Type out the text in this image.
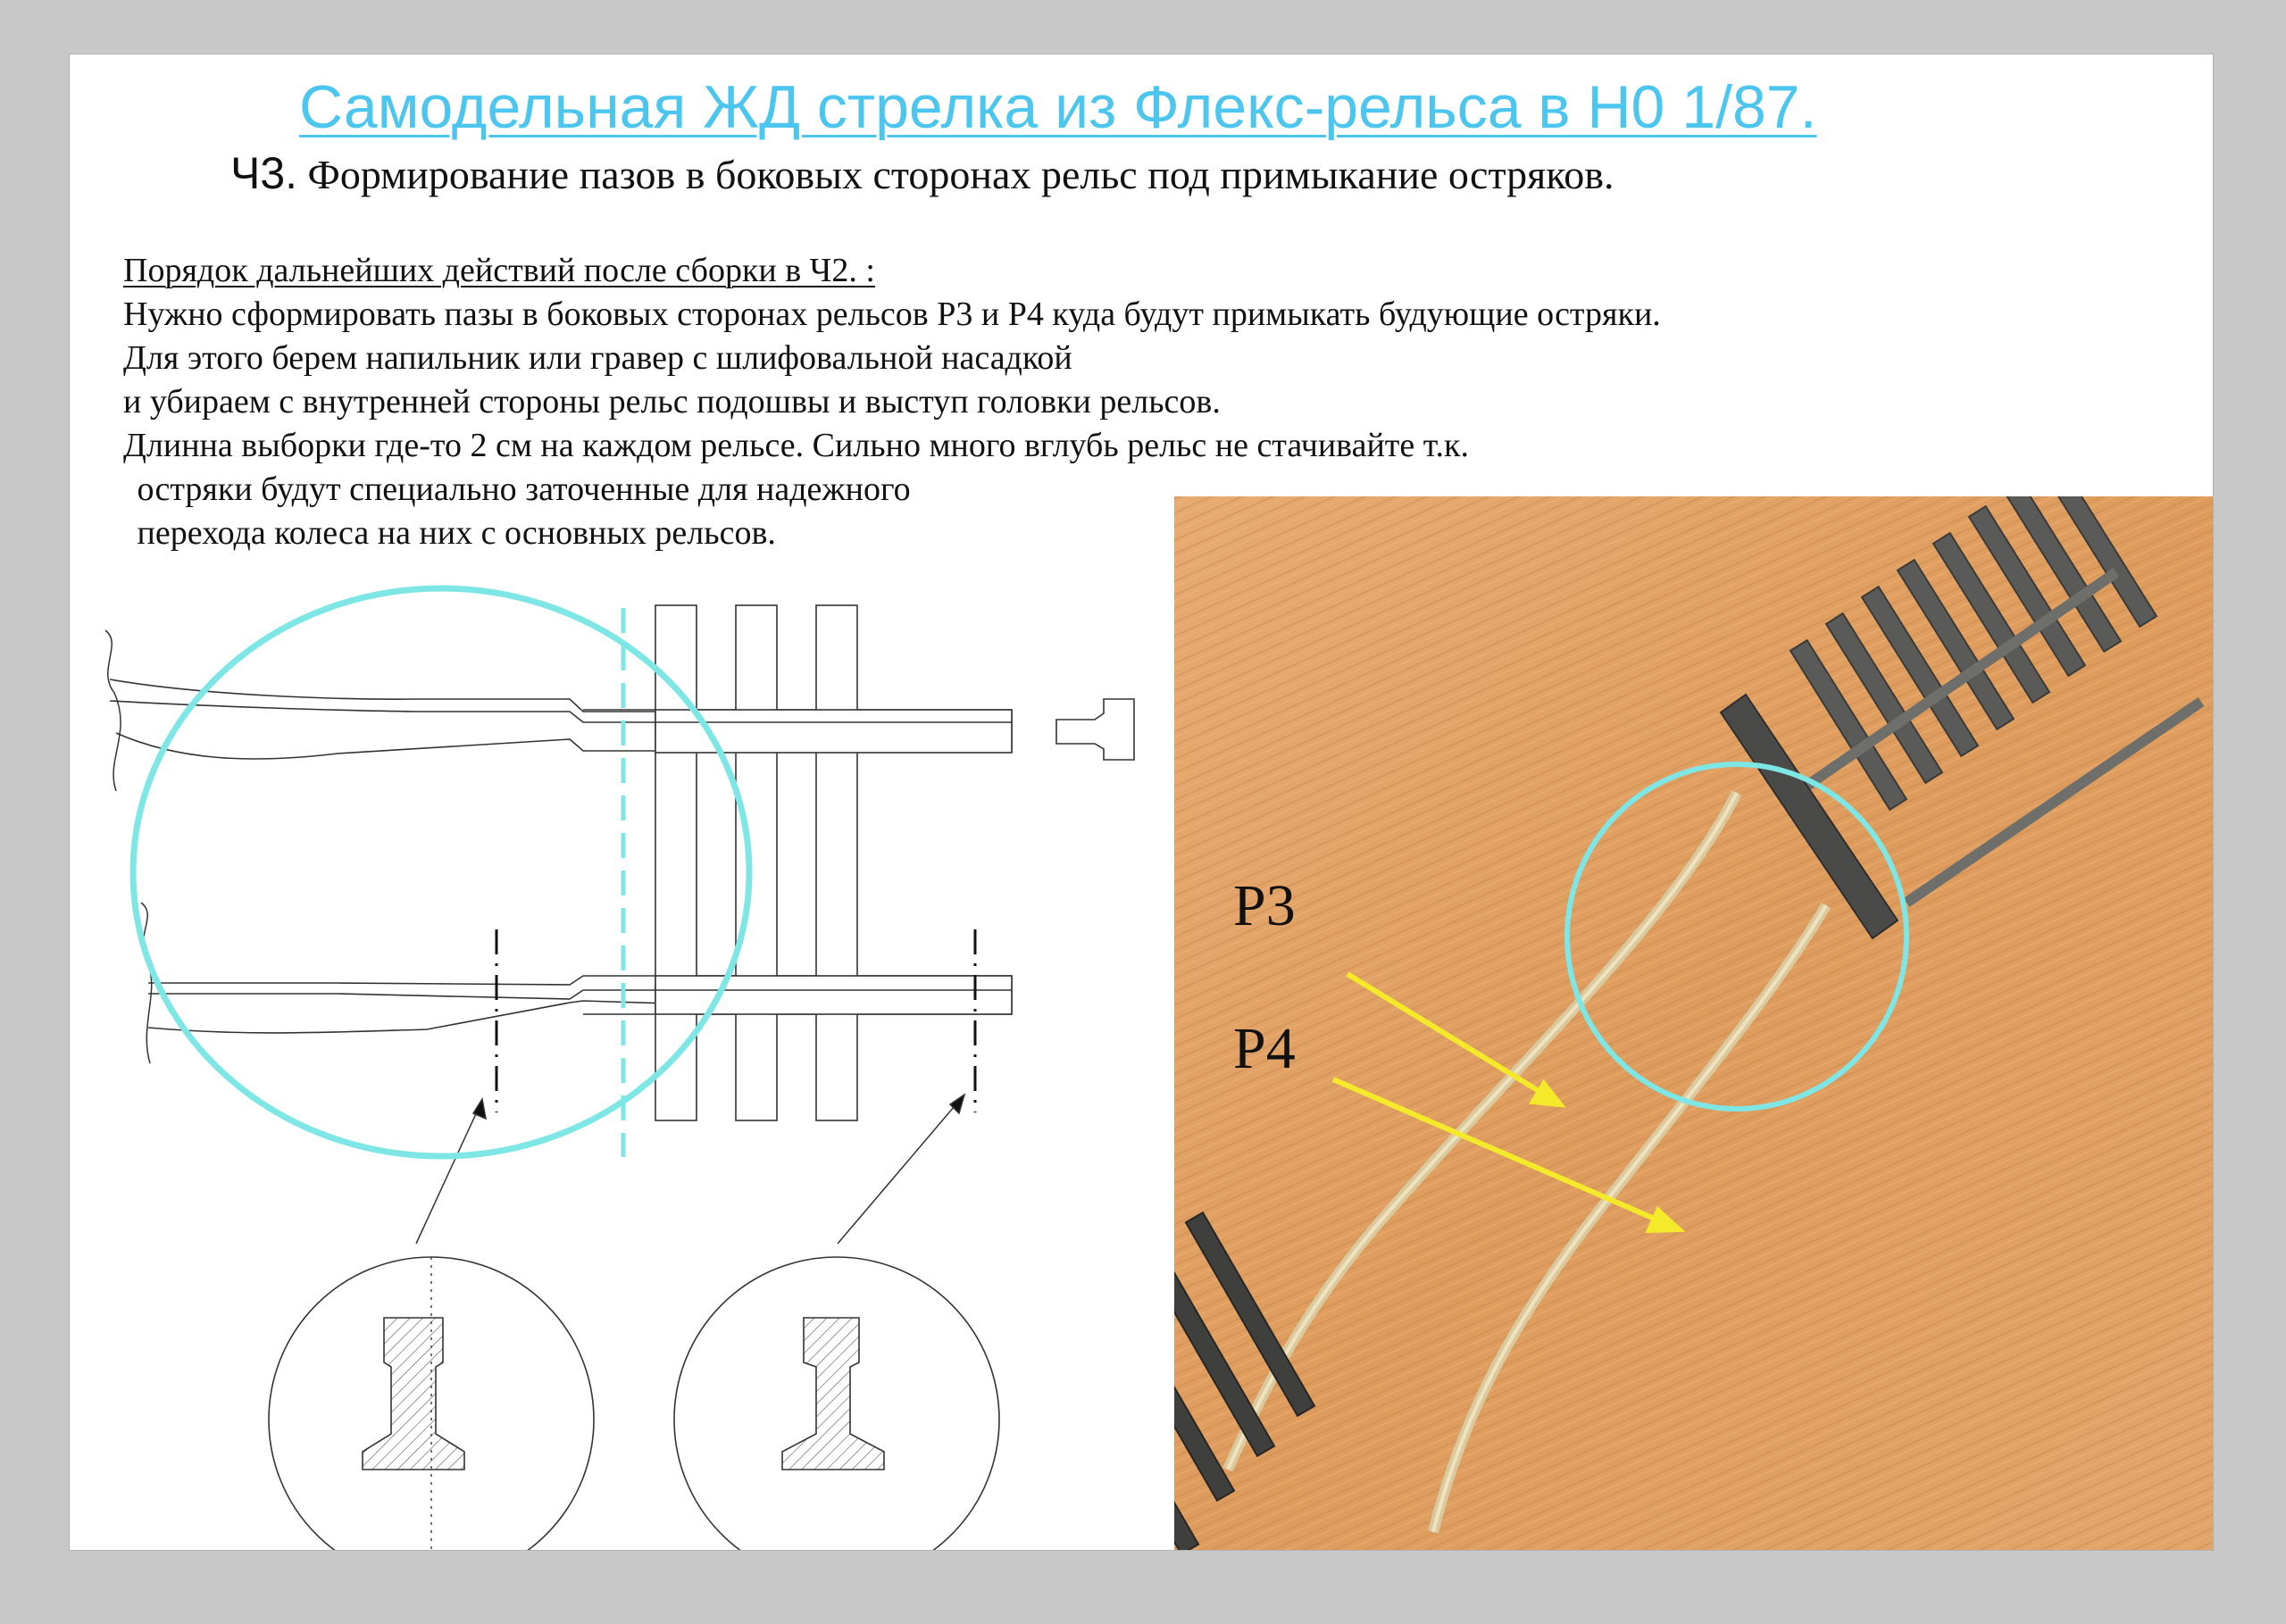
Самодельная ЖД стрелка из Флекс-рельса в Н0 1/87.
Ч3. Формирование пазов в боковых сторонах рельс под примыкание остряков.
Порядок дальнейших действий после сборки в Ч2. :
Нужно сформировать пазы в боковых сторонах рельсов Р3 и Р4 куда будут примыкать будующие остряки.
Для этого берем напильник или гравер с шлифовальной насадкой
и убираем с внутренней стороны рельс подошвы и выступ головки рельсов.
Длинна выборки где-то 2 см на каждом рельсе. Сильно много вглубь рельс не стачивайте т.к.
остряки будут специально заточенные для надежного
перехода колеса на них с основных рельсов.
Р3
Р4
